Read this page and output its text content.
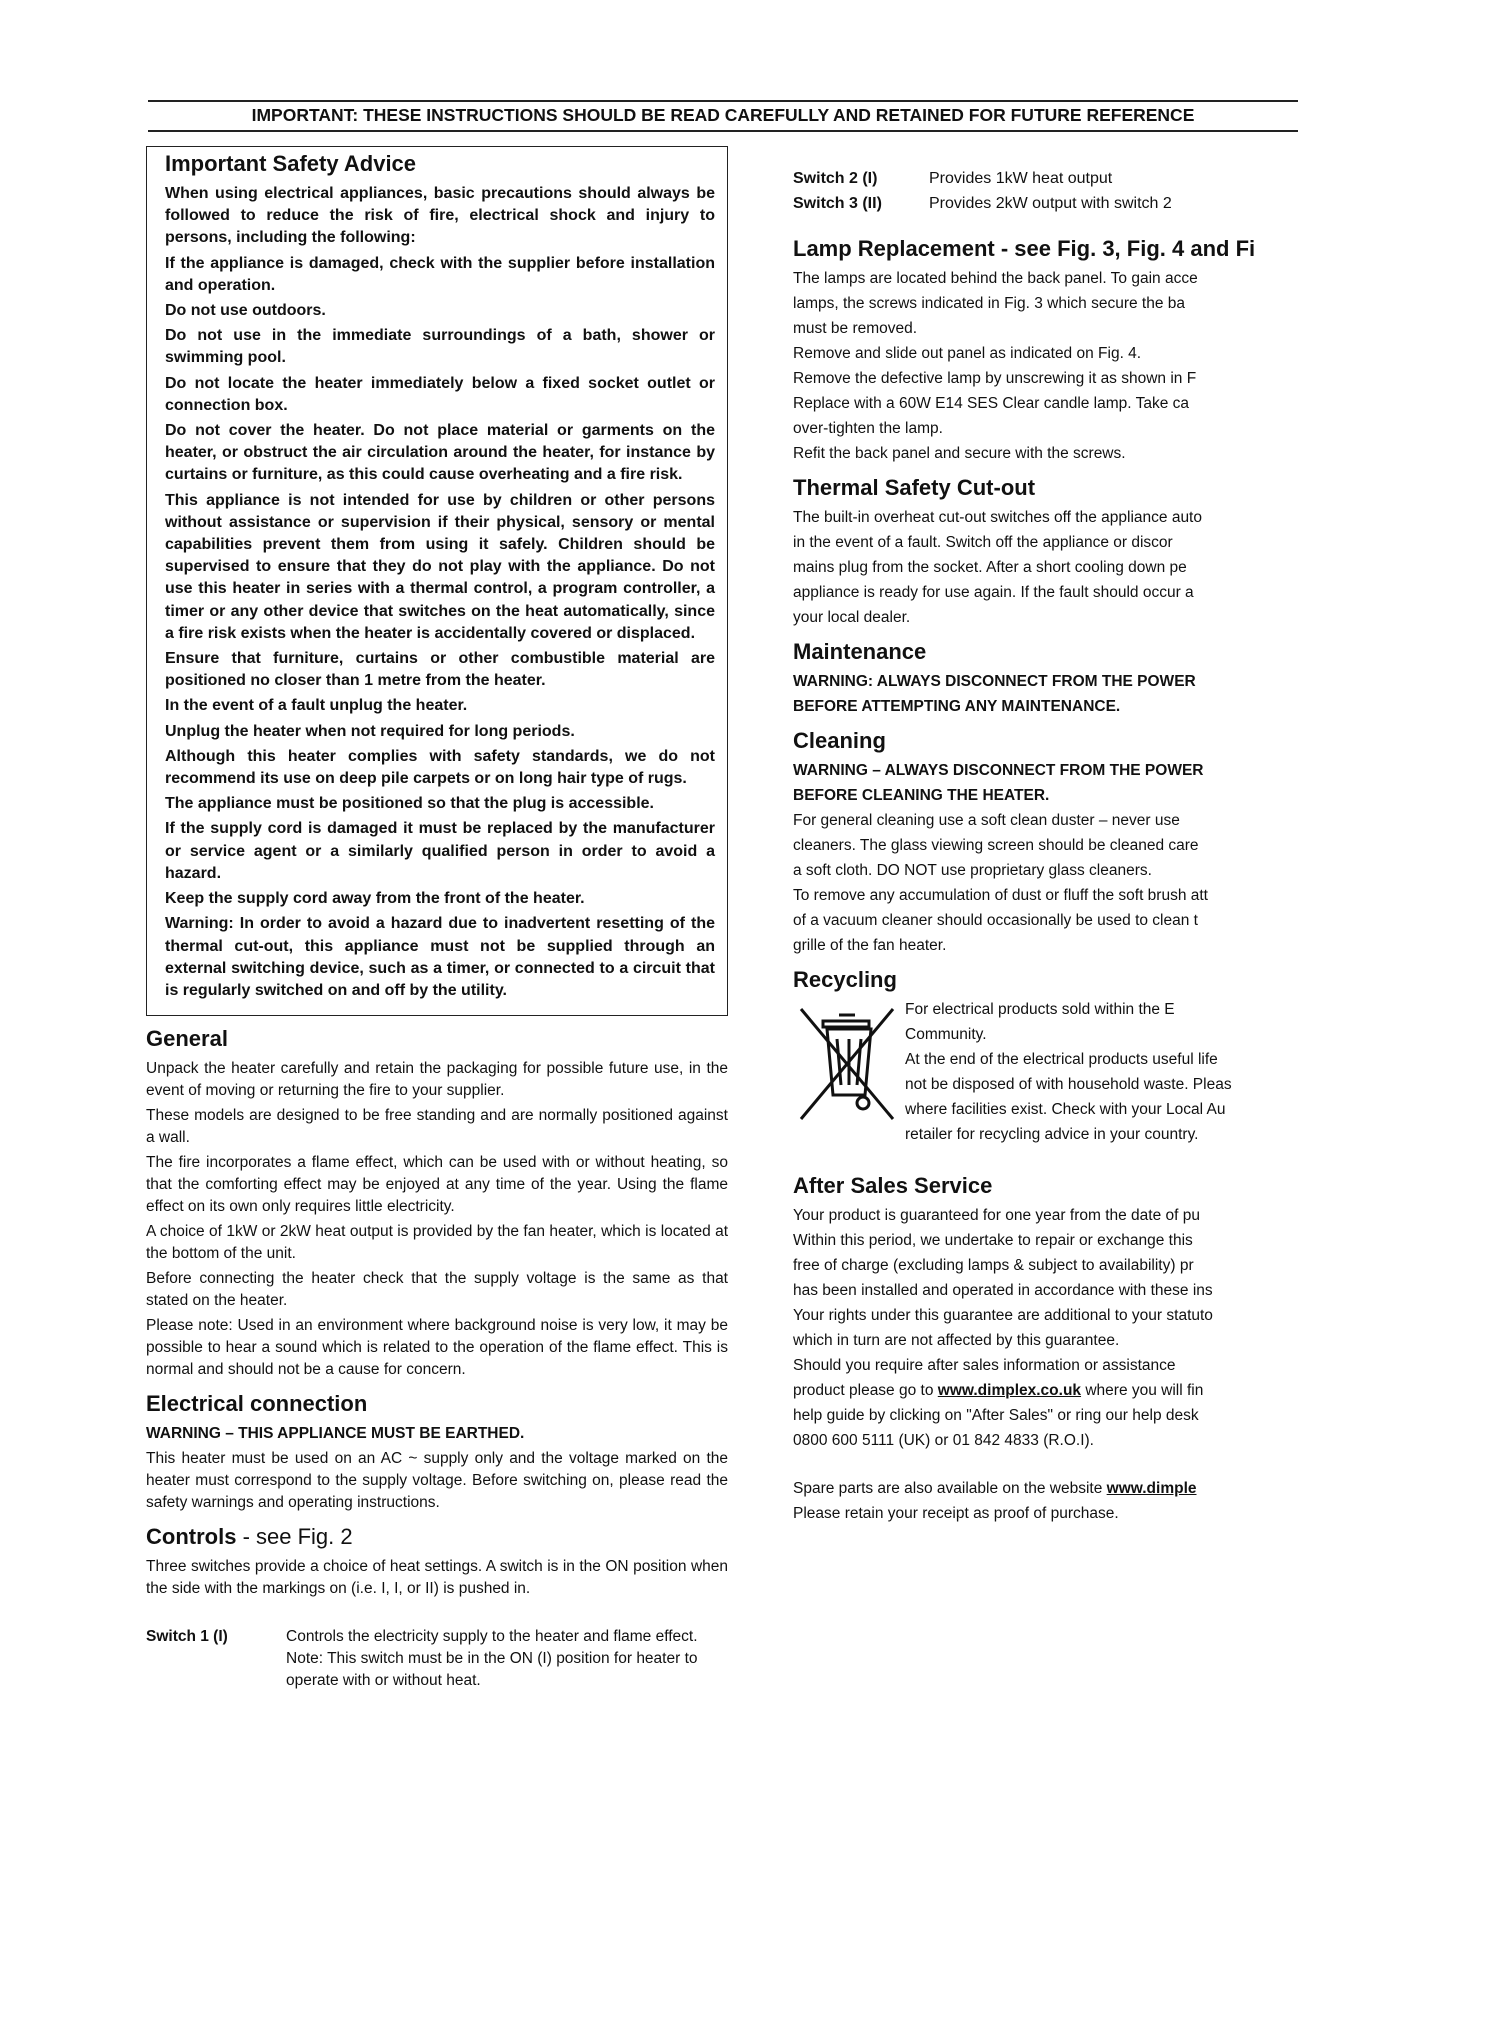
IMPORTANT: THESE INSTRUCTIONS SHOULD BE READ CAREFULLY AND RETAINED FOR FUTURE REFERENCE
Important Safety Advice

When using electrical appliances, basic precautions should always be followed to reduce the risk of fire, electrical shock and injury to persons, including the following:

If the appliance is damaged, check with the supplier before installation and operation.

Do not use outdoors.

Do not use in the immediate surroundings of a bath, shower or swimming pool.

Do not locate the heater immediately below a fixed socket outlet or connection box.

Do not cover the heater. Do not place material or garments on the heater, or obstruct the air circulation around the heater, for instance by curtains or furniture, as this could cause overheating and a fire risk.

This appliance is not intended for use by children or other persons without assistance or supervision if their physical, sensory or mental capabilities prevent them from using it safely. Children should be supervised to ensure that they do not play with the appliance. Do not use this heater in series with a thermal control, a program controller, a timer or any other device that switches on the heat automatically, since a fire risk exists when the heater is accidentally covered or displaced.

Ensure that furniture, curtains or other combustible material are positioned no closer than 1 metre from the heater.

In the event of a fault unplug the heater.

Unplug the heater when not required for long periods.

Although this heater complies with safety standards, we do not recommend its use on deep pile carpets or on long hair type of rugs.

The appliance must be positioned so that the plug is accessible.

If the supply cord is damaged it must be replaced by the manufacturer or service agent or a similarly qualified person in order to avoid a hazard.

Keep the supply cord away from the front of the heater.

Warning: In order to avoid a hazard due to inadvertent resetting of the thermal cut-out, this appliance must not be supplied through an external switching device, such as a timer, or connected to a circuit that is regularly switched on and off by the utility.

General

Unpack the heater carefully and retain the packaging for possible future use, in the event of moving or returning the fire to your supplier.

These models are designed to be free standing and are normally positioned against a wall.

The fire incorporates a flame effect, which can be used with or without heating, so that the comforting effect may be enjoyed at any time of the year. Using the flame effect on its own only requires little electricity.

A choice of 1kW or 2kW heat output is provided by the fan heater, which is located at the bottom of the unit.

Before connecting the heater check that the supply voltage is the same as that stated on the heater.

Please note: Used in an environment where background noise is very low, it may be possible to hear a sound which is related to the operation of the flame effect. This is normal and should not be a cause for concern.

Electrical connection

WARNING – THIS APPLIANCE MUST BE EARTHED.

This heater must be used on an AC ~ supply only and the voltage marked on the heater must correspond to the supply voltage. Before switching on, please read the safety warnings and operating instructions.

Controls - see Fig. 2

Three switches provide a choice of heat settings. A switch is in the ON position when the side with the markings on (i.e. I, I, or II) is pushed in.

Switch 1 (I)	Controls the electricity supply to the heater and flame effect. Note: This switch must be in the ON (I) position for heater to operate with or without heat.
Switch 2 (I)	Provides 1kW heat output
Switch 3 (II)	Provides 2kW output with switch 2
Lamp Replacement - see Fig. 3, Fig. 4 and Fi

The lamps are located behind the back panel. To gain acce

lamps, the screws indicated in Fig. 3 which secure the ba

must be removed.

Remove and slide out panel as indicated on Fig. 4.

Remove the defective lamp by unscrewing it as shown in F

Replace with a 60W E14 SES Clear candle lamp. Take ca

over-tighten the lamp.

Refit the back panel and secure with the screws.

Thermal Safety Cut-out

The built-in overheat cut-out switches off the appliance auto

in the event of a fault. Switch off the appliance or discor

mains plug from the socket. After a short cooling down pe

appliance is ready for use again. If the fault should occur a

your local dealer.

Maintenance

WARNING: ALWAYS DISCONNECT FROM THE POWER

BEFORE ATTEMPTING ANY MAINTENANCE.

Cleaning

WARNING – ALWAYS DISCONNECT FROM THE POWER

BEFORE CLEANING THE HEATER.

For general cleaning use a soft clean duster – never use

cleaners. The glass viewing screen should be cleaned care

a soft cloth. DO NOT use proprietary glass cleaners.

To remove any accumulation of dust or fluff the soft brush att

of a vacuum cleaner should occasionally be used to clean t

grille of the fan heater.

Recycling

For electrical products sold within the E

Community.

At the end of the electrical products useful life

not be disposed of with household waste. Pleas

where facilities exist. Check with your Local Au

retailer for recycling advice in your country.

After Sales Service

Your product is guaranteed for one year from the date of pu

Within this period, we undertake to repair or exchange this

free of charge (excluding lamps & subject to availability) pr

has been installed and operated in accordance with these ins

Your rights under this guarantee are additional to your statuto

which in turn are not affected by this guarantee.

Should you require after sales information or assistance

product please go to www.dimplex.co.uk where you will fin

help guide by clicking on "After Sales" or ring our help desk

0800 600 5111 (UK) or 01 842 4833 (R.O.I).

Spare parts are also available on the website www.dimple

Please retain your receipt as proof of purchase.
